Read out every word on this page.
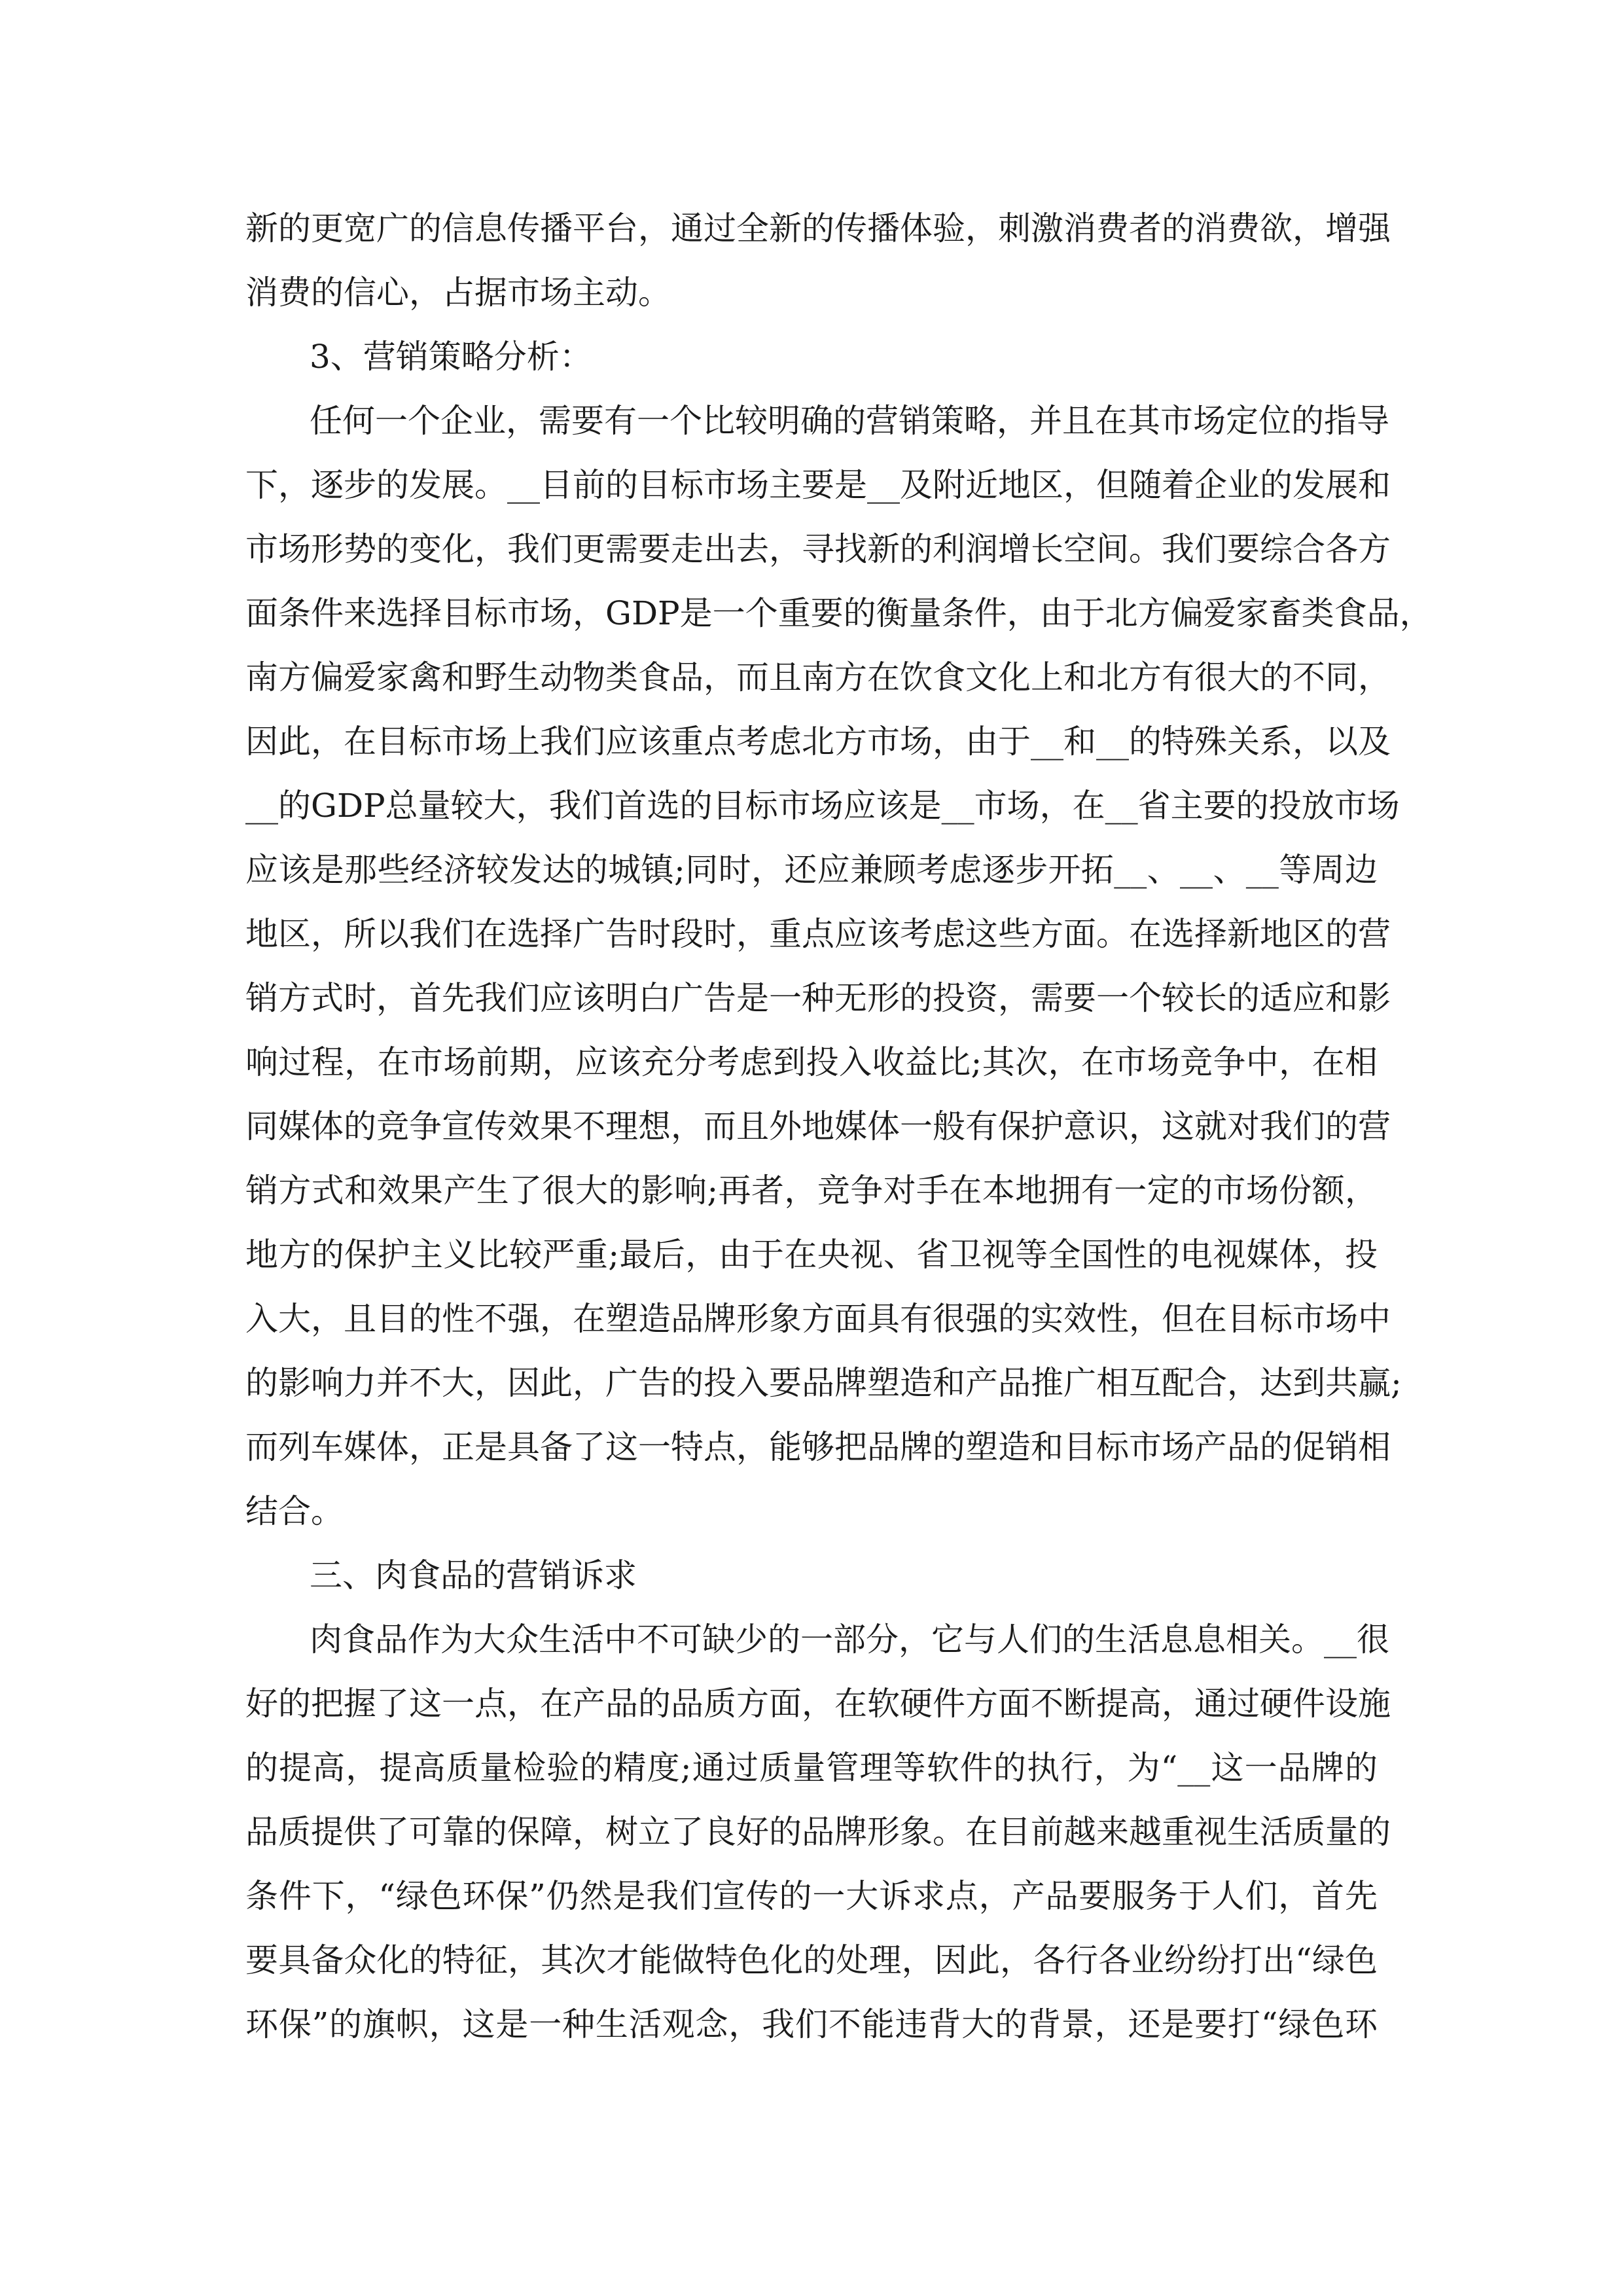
新的更宽广的信息传播平台，通过全新的传播体验，刺激消费者的消费欲，增强
消费的信心，占据市场主动。
3、营销策略分析：
任何一个企业，需要有一个比较明确的营销策略，并且在其市场定位的指导
下，逐步的发展。__目前的目标市场主要是__及附近地区，但随着企业的发展和
市场形势的变化，我们更需要走出去，寻找新的利润增长空间。我们要综合各方
面条件来选择目标市场，GDP是一个重要的衡量条件，由于北方偏爱家畜类食品，
南方偏爱家禽和野生动物类食品，而且南方在饮食文化上和北方有很大的不同，
因此，在目标市场上我们应该重点考虑北方市场，由于__和__的特殊关系，以及
__的GDP总量较大，我们首选的目标市场应该是__市场，在__省主要的投放市场
应该是那些经济较发达的城镇;同时，还应兼顾考虑逐步开拓__、__、__等周边
地区，所以我们在选择广告时段时，重点应该考虑这些方面。在选择新地区的营
销方式时，首先我们应该明白广告是一种无形的投资，需要一个较长的适应和影
响过程，在市场前期，应该充分考虑到投入收益比;其次，在市场竞争中，在相
同媒体的竞争宣传效果不理想，而且外地媒体一般有保护意识，这就对我们的营
销方式和效果产生了很大的影响;再者，竞争对手在本地拥有一定的市场份额，
地方的保护主义比较严重;最后，由于在央视、省卫视等全国性的电视媒体，投
入大，且目的性不强，在塑造品牌形象方面具有很强的实效性，但在目标市场中
的影响力并不大，因此，广告的投入要品牌塑造和产品推广相互配合，达到共赢;
而列车媒体，正是具备了这一特点，能够把品牌的塑造和目标市场产品的促销相
结合。
三、肉食品的营销诉求
肉食品作为大众生活中不可缺少的一部分，它与人们的生活息息相关。__很
好的把握了这一点，在产品的品质方面，在软硬件方面不断提高，通过硬件设施
的提高，提高质量检验的精度;通过质量管理等软件的执行，为“__这一品牌的
品质提供了可靠的保障，树立了良好的品牌形象。在目前越来越重视生活质量的
条件下，“绿色环保”仍然是我们宣传的一大诉求点，产品要服务于人们，首先
要具备众化的特征，其次才能做特色化的处理，因此，各行各业纷纷打出“绿色
环保”的旗帜，这是一种生活观念，我们不能违背大的背景，还是要打“绿色环
